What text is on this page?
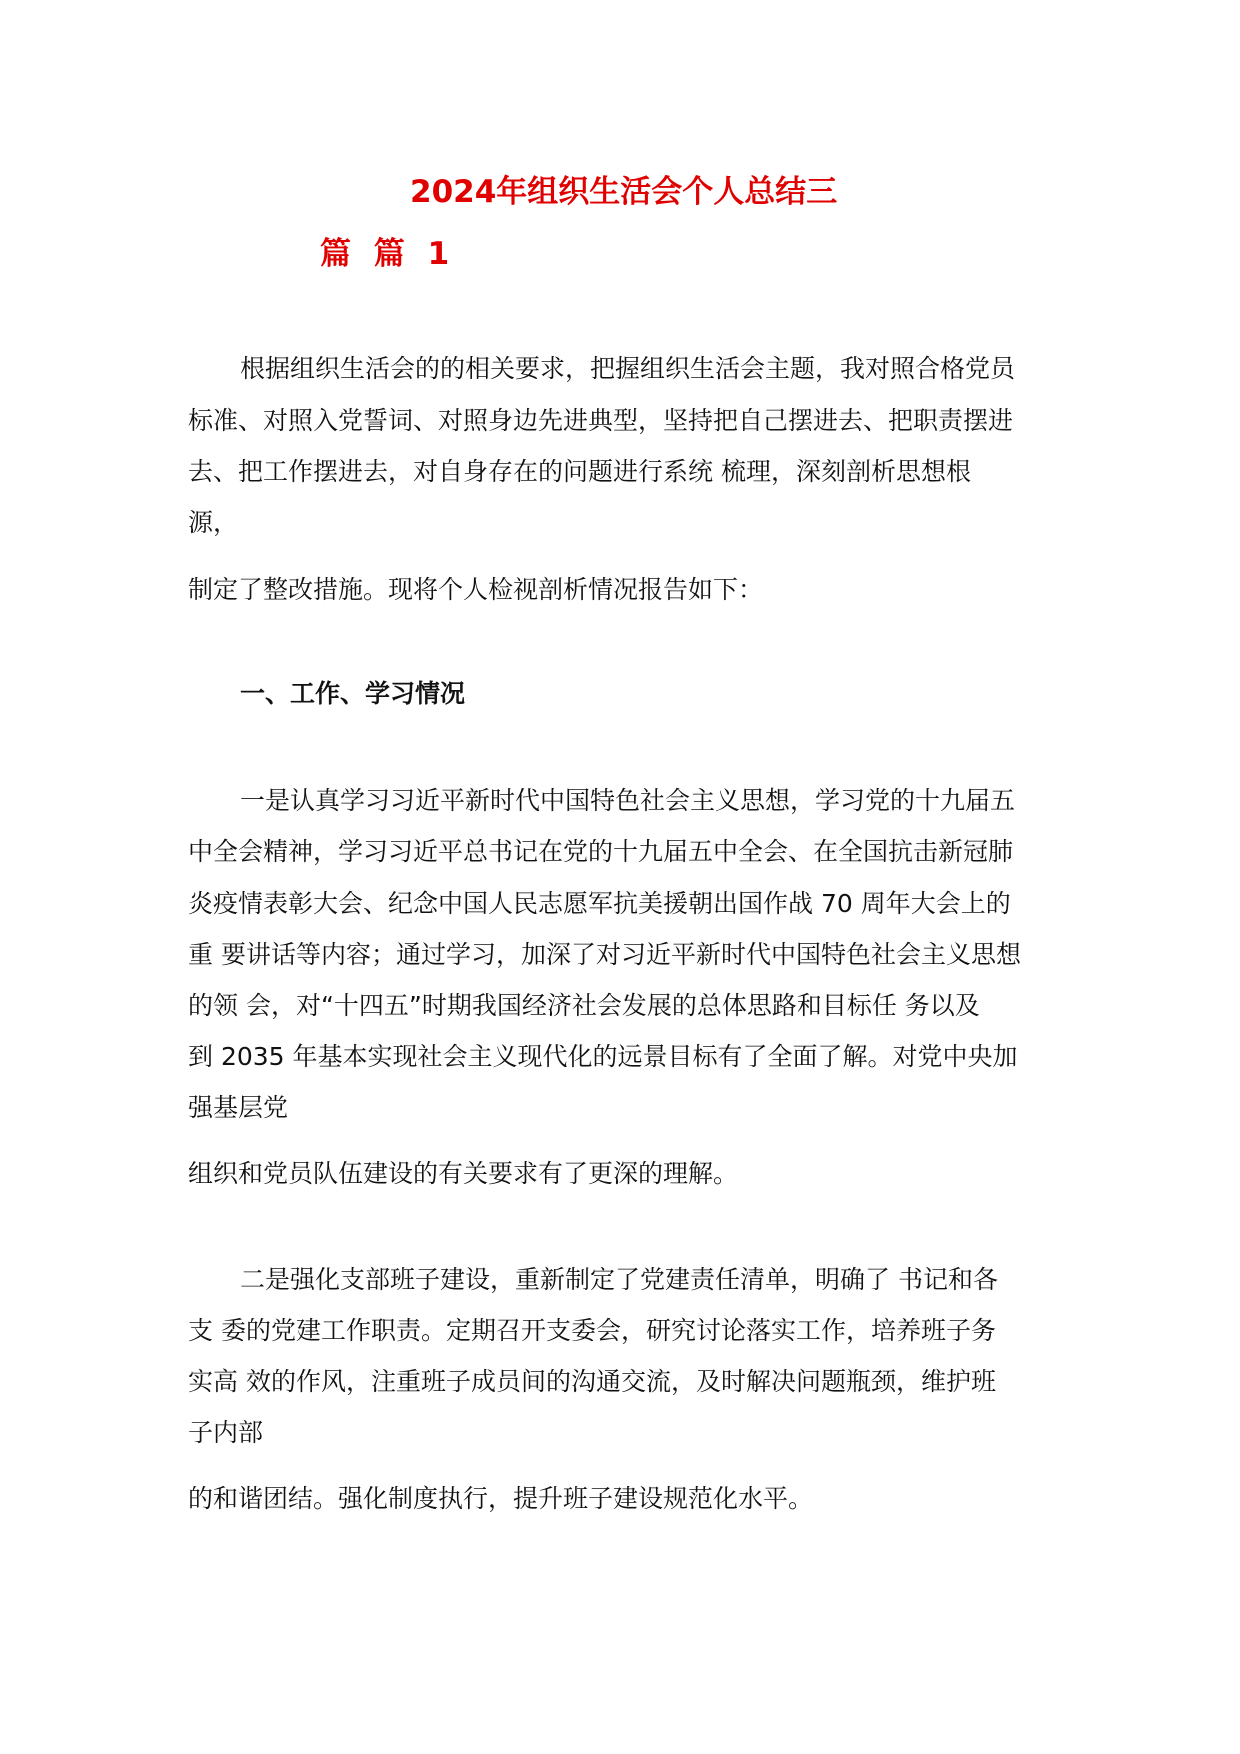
2024年组织生活会个人总结三
篇 篇 1
根据组织生活会的的相关要求，把握组织生活会主题，我对照合格党员
标准、对照入党誓词、对照身边先进典型，坚持把自己摆进去、把职责摆进
去、把工作摆进去，对自身存在的问题进行系统 梳理，深刻剖析思想根
源，
制定了整改措施。现将个人检视剖析情况报告如下：
一、工作、学习情况
一是认真学习习近平新时代中国特色社会主义思想，学习党的十九届五
中全会精神，学习习近平总书记在党的十九届五中全会、在全国抗击新冠肺
炎疫情表彰大会、纪念中国人民志愿军抗美援朝出国作战 70 周年大会上的
重 要讲话等内容；通过学习，加深了对习近平新时代中国特色社会主义思想
的领 会，对“十四五”时期我国经济社会发展的总体思路和目标任 务以及
到 2035 年基本实现社会主义现代化的远景目标有了全面了解。对党中央加
强基层党
组织和党员队伍建设的有关要求有了更深的理解。
二是强化支部班子建设，重新制定了党建责任清单，明确了 书记和各
支 委的党建工作职责。定期召开支委会，研究讨论落实工作，培养班子务
实高 效的作风，注重班子成员间的沟通交流，及时解决问题瓶颈，维护班
子内部
的和谐团结。强化制度执行，提升班子建设规范化水平。
